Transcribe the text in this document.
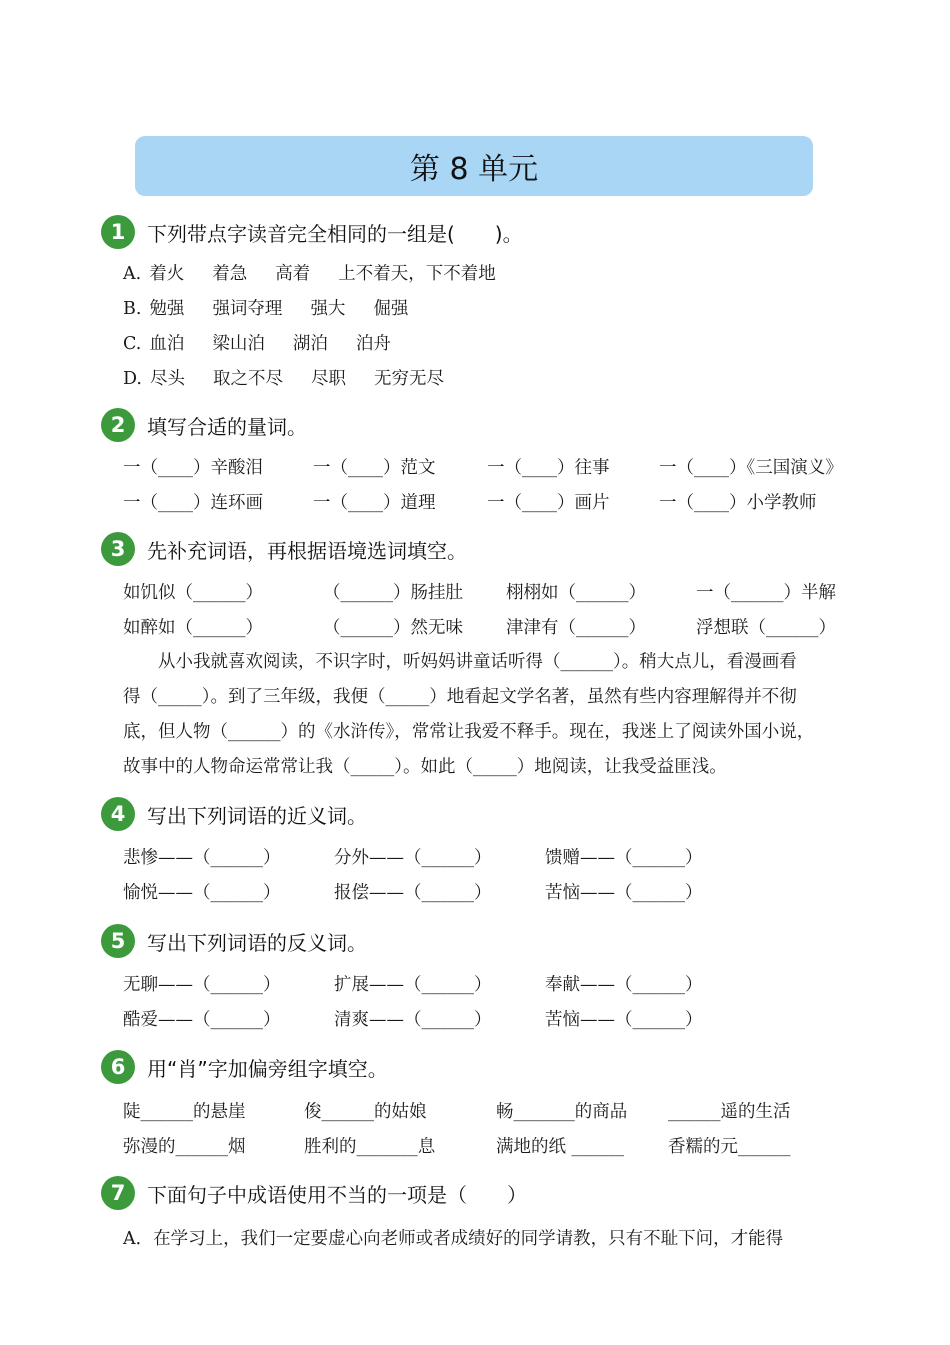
第 8 单元
1	下列带点字读音完全相同的一组是(　　)。
A. 着火 着急 高着 上不着天，下不着地
B. 勉强 强词夺理 强大 倔强
C. 血泊 梁山泊 湖泊 泊舟
D. 尽头 取之不尽 尽职 无穷无尽
2	填写合适的量词。
一（____）辛酸泪	一（____）范文	一（____）往事	一（____）《三国演义》
一（____）连环画	一（____）道理	一（____）画片	一（____）小学教师
3	先补充词语，再根据语境选词填空。
如饥似（______）	（______）肠挂肚 栩栩如（______）	一（______）半解
如醉如（______）	（______）然无味 津津有（______）	浮想联（______）
　　从小我就喜欢阅读，不识字时，听妈妈讲童话听得（______）。稍大点儿，看漫画看
得（_____）。到了三年级，我便（_____）地看起文学名著，虽然有些内容理解得并不彻
底，但人物（______）的《水浒传》，常常让我爱不释手。现在，我迷上了阅读外国小说，
故事中的人物命运常常让我（_____）。如此（_____）地阅读，让我受益匪浅。
4	写出下列词语的近义词。
悲惨——（______）	分外——（______）	馈赠——（______）
愉悦——（______）	报偿——（______）	苦恼——（______）
5	写出下列词语的反义词。
无聊——（______）	扩展——（______）	奉献——（______）
酷爱——（______）	清爽——（______）	苦恼——（______）
6	用“肖”字加偏旁组字填空。
陡______的悬崖	俊______的姑娘	畅_______的商品 ______遥的生活
弥漫的______烟	胜利的_______息	满地的纸 ______	香糯的元______
7	下面句子中成语使用不当的一项是（　　）
A．在学习上，我们一定要虚心向老师或者成绩好的同学请教，只有不耻下问，才能得
